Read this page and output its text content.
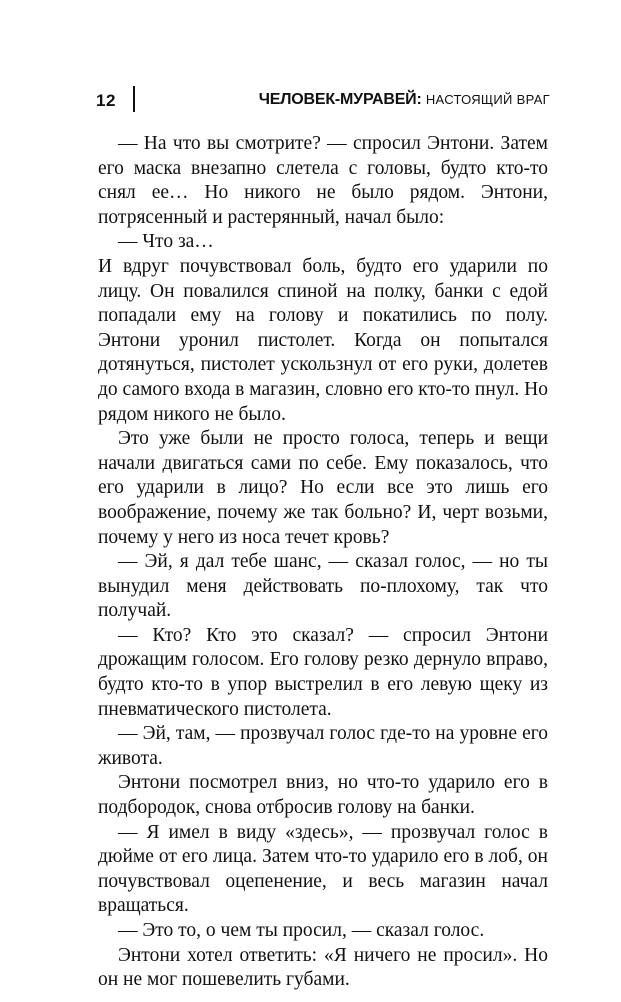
12	ЧЕЛОВЕК-МУРАВЕЙ: НАСТОЯЩИЙ ВРАГ

— На что вы смотрите? — спросил Энтони. Затем его маска внезапно слетела с головы, будто кто-то снял ее… Но никого не было рядом. Энтони, потрясенный и растерянный, начал было:

— Что за…

И вдруг почувствовал боль, будто его ударили по лицу. Он повалился спиной на полку, банки с едой попадали ему на голову и покатились по полу. Энтони уронил пистолет. Когда он попытался дотянуться, пистолет ускользнул от его руки, долетев до самого входа в магазин, словно его кто-то пнул. Но рядом никого не было.

Это уже были не просто голоса, теперь и вещи начали двигаться сами по себе. Ему показалось, что его ударили в лицо? Но если все это лишь его воображение, почему же так больно? И, черт возьми, почему у него из носа течет кровь?

— Эй, я дал тебе шанс, — сказал голос, — но ты вынудил меня действовать по-плохому, так что получай.

— Кто? Кто это сказал? — спросил Энтони дрожащим голосом. Его голову резко дернуло вправо, будто кто-то в упор выстрелил в его левую щеку из пневматического пистолета.

— Эй, там, — прозвучал голос где-то на уровне его живота.

Энтони посмотрел вниз, но что-то ударило его в подбородок, снова отбросив голову на банки.

— Я имел в виду «здесь», — прозвучал голос в дюйме от его лица. Затем что-то ударило его в лоб, он почувствовал оцепенение, и весь магазин начал вращаться.

— Это то, о чем ты просил, — сказал голос.

Энтони хотел ответить: «Я ничего не просил». Но он не мог пошевелить губами.
